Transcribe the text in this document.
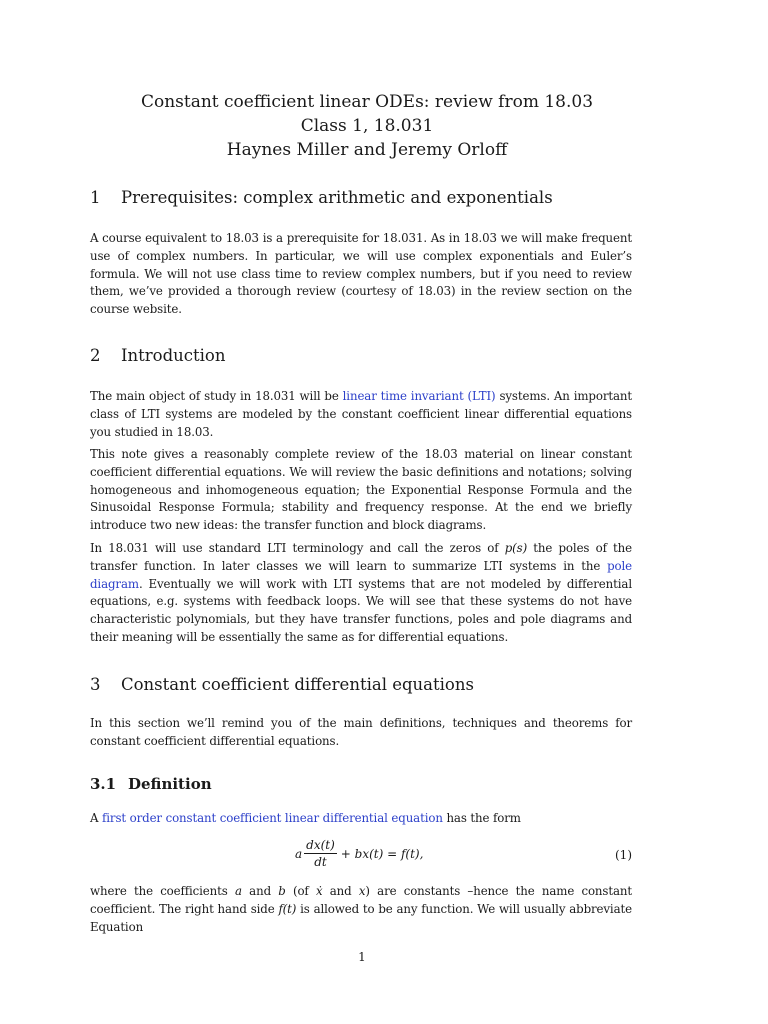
Constant coefficient linear ODEs: review from 18.03
Class 1, 18.031
Haynes Miller and Jeremy Orloff
1 Prerequisites: complex arithmetic and exponentials

A course equivalent to 18.03 is a prerequisite for 18.031. As in 18.03 we will make frequent use of complex numbers. In particular, we will use complex exponentials and Euler’s formula. We will not use class time to review complex numbers, but if you need to review them, we’ve provided a thorough review (courtesy of 18.03) in the review section on the course website.

2 Introduction

The main object of study in 18.031 will be linear time invariant (LTI) systems. An important class of LTI systems are modeled by the constant coefficient linear differential equations you studied in 18.03.

This note gives a reasonably complete review of the 18.03 material on linear constant coefficient differential equations. We will review the basic definitions and notations; solving homogeneous and inhomogeneous equation; the Exponential Response Formula and the Sinusoidal Response Formula; stability and frequency response. At the end we briefly introduce two new ideas: the transfer function and block diagrams.

In 18.031 will use standard LTI terminology and call the zeros of p(s) the poles of the transfer function. In later classes we will learn to summarize LTI systems in the pole diagram. Eventually we will work with LTI systems that are not modeled by differential equations, e.g. systems with feedback loops. We will see that these systems do not have characteristic polynomials, but they have transfer functions, poles and pole diagrams and their meaning will be essentially the same as for differential equations.

3 Constant coefficient differential equations

In this section we’ll remind you of the main definitions, techniques and theorems for constant coefficient differential equations.

3.1 Definition

A first order constant coefficient linear differential equation has the form

a $\frac{dx(t)}{dt} + bx(t) = f(t)$,	(1)

where the coefficients a and b (of ẋ and x) are constants –hence the name constant coefficient. The right hand side f(t) is allowed to be any function. We will usually abbreviate Equation

1
